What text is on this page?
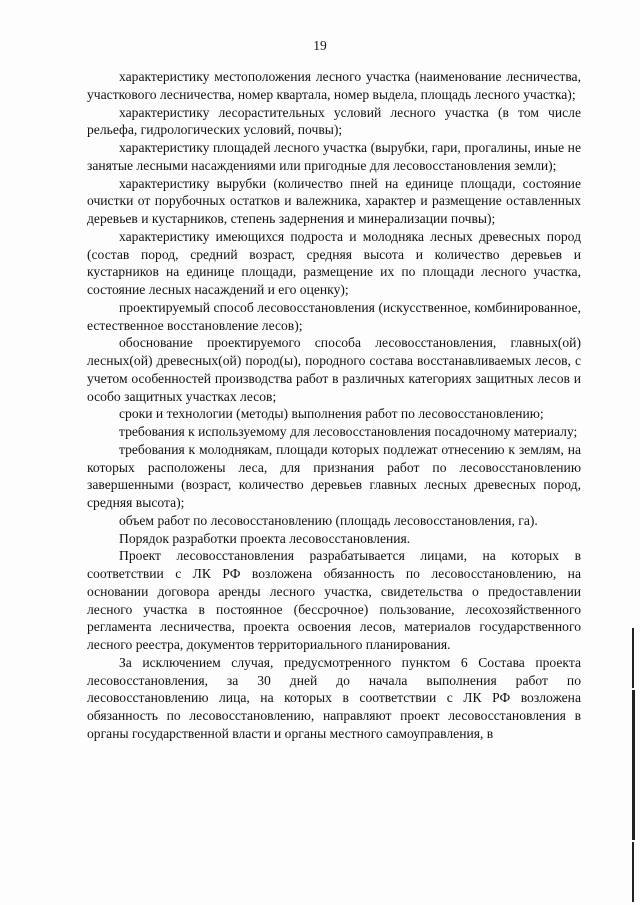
19

характеристику местоположения лесного участка (наименование лесничества, участкового лесничества, номер квартала, номер выдела, площадь лесного участка);

характеристику лесорастительных условий лесного участка (в том числе рельефа, гидрологических условий, почвы);

характеристику площадей лесного участка (вырубки, гари, прогалины, иные не занятые лесными насаждениями или пригодные для лесовосстановления земли);

характеристику вырубки (количество пней на единице площади, состояние очистки от порубочных остатков и валежника, характер и размещение оставленных деревьев и кустарников, степень задернения и минерализации почвы);

характеристику имеющихся подроста и молодняка лесных древесных пород (состав пород, средний возраст, средняя высота и количество деревьев и кустарников на единице площади, размещение их по площади лесного участка, состояние лесных насаждений и его оценку);

проектируемый способ лесовосстановления (искусственное, комбинированное, естественное восстановление лесов);

обоснование проектируемого способа лесовосстановления, главных(ой) лесных(ой) древесных(ой) пород(ы), породного состава восстанавливаемых лесов, с учетом особенностей производства работ в различных категориях защитных лесов и особо защитных участках лесов;

сроки и технологии (методы) выполнения работ по лесовосстановлению;

требования к используемому для лесовосстановления посадочному материалу;

требования к молоднякам, площади которых подлежат отнесению к землям, на которых расположены леса, для признания работ по лесовосстановлению завершенными (возраст, количество деревьев главных лесных древесных пород, средняя высота);

объем работ по лесовосстановлению (площадь лесовосстановления, га).

Порядок разработки проекта лесовосстановления.

Проект лесовосстановления разрабатывается лицами, на которых в соответствии с ЛК РФ возложена обязанность по лесовосстановлению, на основании договора аренды лесного участка, свидетельства о предоставлении лесного участка в постоянное (бессрочное) пользование, лесохозяйственного регламента лесничества, проекта освоения лесов, материалов государственного лесного реестра, документов территориального планирования.

За исключением случая, предусмотренного пунктом 6 Состава проекта лесовосстановления, за 30 дней до начала выполнения работ по лесовосстановлению лица, на которых в соответствии с ЛК РФ возложена обязанность по лесовосстановлению, направляют проект лесовосстановления в органы государственной власти и органы местного самоуправления, в
